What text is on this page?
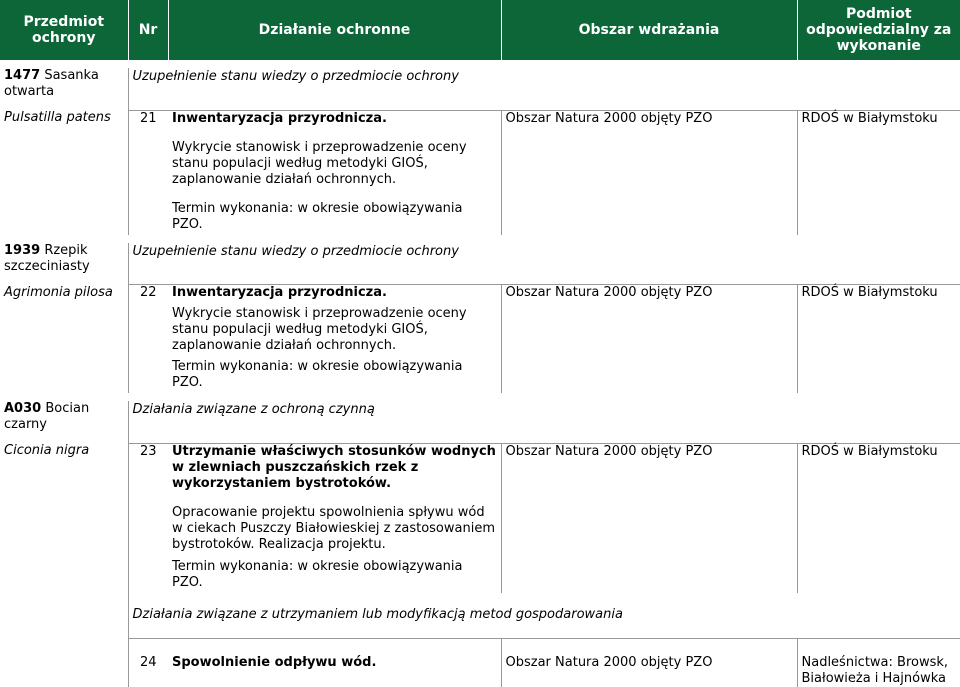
Przedmiot ochrony	Nr	Działanie ochronne	Obszar wdrażania	Podmiot odpowiedzialny za wykonanie

1477 Sasanka otwarta	Uzupełnienie stanu wiedzy o przedmiocie ochrony			

Pulsatilla patens	21	Inwentaryzacja przyrodnicza.
Wykrycie stanowisk i przeprowadzenie oceny stanu populacji według metodyki GIOŚ, zaplanowanie działań ochronnych.
Termin wykonania: w okresie obowiązywania PZO.	Obszar Natura 2000 objęty PZO	RDOŚ w Białymstoku

1939 Rzepik szczeciniasty	Uzupełnienie stanu wiedzy o przedmiocie ochrony			

Agrimonia pilosa	22	Inwentaryzacja przyrodnicza.
Wykrycie stanowisk i przeprowadzenie oceny stanu populacji według metodyki GIOŚ, zaplanowanie działań ochronnych.
Termin wykonania: w okresie obowiązywania PZO.	Obszar Natura 2000 objęty PZO	RDOŚ w Białymstoku

A030 Bocian czarny	Działania związane z ochroną czynną			

Ciconia nigra	23	Utrzymanie właściwych stosunków wodnych w zlewniach puszczańskich rzek z wykorzystaniem bystrotoków.
Opracowanie projektu spowolnienia spływu wód w ciekach Puszczy Białowieskiej z zastosowaniem bystrotoków. Realizacja projektu.
Termin wykonania: w okresie obowiązywania PZO.	Obszar Natura 2000 objęty PZO	RDOŚ w Białymstoku
	Działania związane z utrzymaniem lub modyfikacją metod gospodarowania			
	24	Spowolnienie odpływu wód.	Obszar Natura 2000 objęty PZO	Nadleśnictwa: Browsk, Białowieża i Hajnówka
